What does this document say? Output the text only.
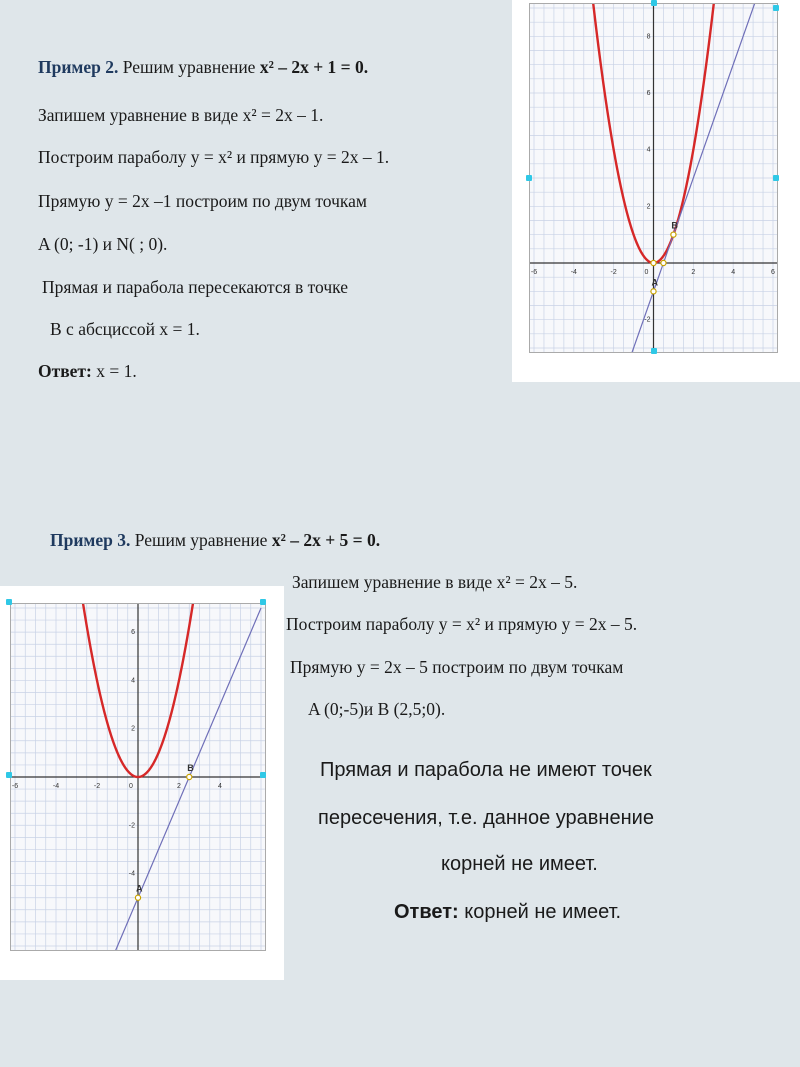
Пример 2. Решим уравнение x² – 2x + 1 = 0.
Запишем уравнение в виде x² = 2x – 1.
Построим параболу y = x² и прямую y = 2x – 1.
Прямую y = 2x –1 построим по двум точкам
A (0; -1) и N( ; 0).
Прямая и парабола пересекаются в точке
B с абсциссой x = 1.
Ответ: x = 1.
-6	-4	-2	0	2	4	6
8
6
4
2
-2
A
B
Пример 3. Решим уравнение x² – 2x + 5 = 0.
Запишем уравнение в виде x² = 2x – 5.
Построим параболу y = x² и прямую y = 2x – 5.
Прямую y = 2x – 5 построим по двум точкам
A (0;-5)и B (2,5;0).
Прямая и парабола не имеют точек
пересечения, т.е. данное уравнение
корней не имеет.
Ответ: корней не имеет.
-6	-4	-2	0	2	4
6
4
2
-2
-4
A
B
